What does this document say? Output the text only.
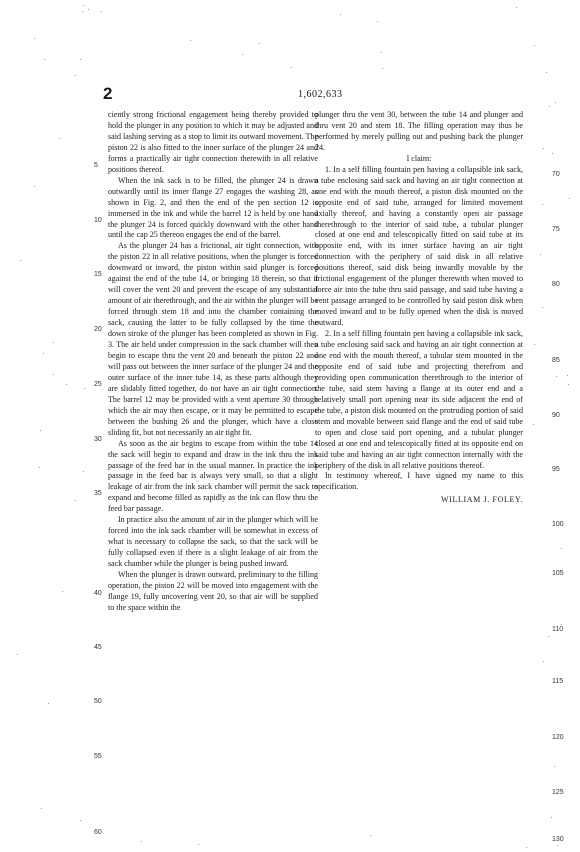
2	1,602,633

ciently strong frictional engagement being thereby provided to hold the plunger in any position to which it may be adjusted and said lashing serving as a stop to limit its outward movement. The piston 22 is also fitted to the inner surface of the plunger 24 and forms a practically air tight connection therewith in all relative positions thereof.

When the ink sack is to be filled, the plunger 24 is drawn outwardly until its inner flange 27 engages the washing 28, as shown in Fig. 2, and then the end of the pen section 12 is immersed in the ink and while the barrel 12 is held by one hand the plunger 24 is forced quickly downward with the other hand until the cap 25 thereon engages the end of the barrel.

As the plunger 24 has a frictional, air tight connection, with the piston 22 in all relative positions, when the plunger is forced downward or inward, the piston within said plunger is forced against the end of the tube 14, or bringing 18 therein, so that it will cover the vent 20 and prevent the escape of any substantial amount of air therethrough, and the air within the plunger will be forced through stem 18 and into the chamber containing the sack, causing the latter to be fully collapsed by the time the down stroke of the plunger has been completed as shown in Fig. 3. The air held under compression in the sack chamber will then begin to escape thru the vent 20 and beneath the piston 22 and will pass out between the inner surface of the plunger 24 and the outer surface of the inner tube 14, as these parts although they are slidably fitted together, do not have an air tight connection. The barrel 12 may be provided with a vent aperture 30 through which the air may then escape, or it may be permitted to escape between the bushing 26 and the plunger, which have a close sliding fit, but not necessarily an air tight fit.

As soon as the air begins to escape from within the tube 14 the sack will begin to expand and draw in the ink thru the ink passage of the feed bar in the usual manner. In practice the ink passage in the feed bar is always very small, so that a slight leakage of air from the ink sack chamber will permit the sack to expand and become filled as rapidly as the ink can flow thru the feed bar passage.

In practice also the amount of air in the plunger which will be forced into the ink sack chamber will be somewhat in excess of what is necessary to collapse the sack, so that the sack will be fully collapsed even if there is a slight leakage of air from the sack chamber while the plunger is being pushed inward.

When the plunger is drawn outward, preliminary to the filling operation, the piston 22 will be moved into engagement with the flange 19, fully uncovering vent 20, so that air will be supplied to the space within the

plunger thru the vent 30, between the tube 14 and plunger and thru vent 20 and stem 18. The filling operation may thus be performed by merely pulling out and pushing back the plunger 24.

I claim:

1. In a self filling fountain pen having a collapsible ink sack, a tube enclosing said sack and having an air tight connection at one end with the mouth thereof, a piston disk mounted on the opposite end of said tube, arranged for limited movement axially thereof, and having a constantly open air passage therethrough to the interior of said tube, a tubular plunger closed at one end and telescopically fitted on said tube at its opposite end, with its inner surface having an air tight connection with the periphery of said disk in all relative positions thereof, said disk being inwardly movable by the frictional engagement of the plunger therewith when moved to force air into the tube thru said passage, and said tube having a vent passage arranged to be controlled by said piston disk when moved inward and to be fully opened when the disk is moved outward.

2. In a self filling fountain pen having a collapsible ink sack, a tube enclosing said sack and having an air tight connection at one end with the mouth thereof, a tubular stem mounted in the opposite end of said tube and projecting therefrom and providing open communication therethrough to the interior of the tube, said stem having a flange at its outer end and a relatively small port opening near its side adjacent the end of the tube, a piston disk mounted on the protruding portion of said stem and movable between said flange and the end of said tube to open and close said port opening, and a tubular plunger closed at one end and telescopically fitted at its opposite end on said tube and having an air tight connection internally with the periphery of the disk in all relative positions thereof.

In testimony whereof, I have signed my name to this specification.

WILLIAM J. FOLEY.

5
10
15
20
25
30
35
40
45
50
55
60
70
75
80
85
90
95
100
105
110
115
120
125
130
